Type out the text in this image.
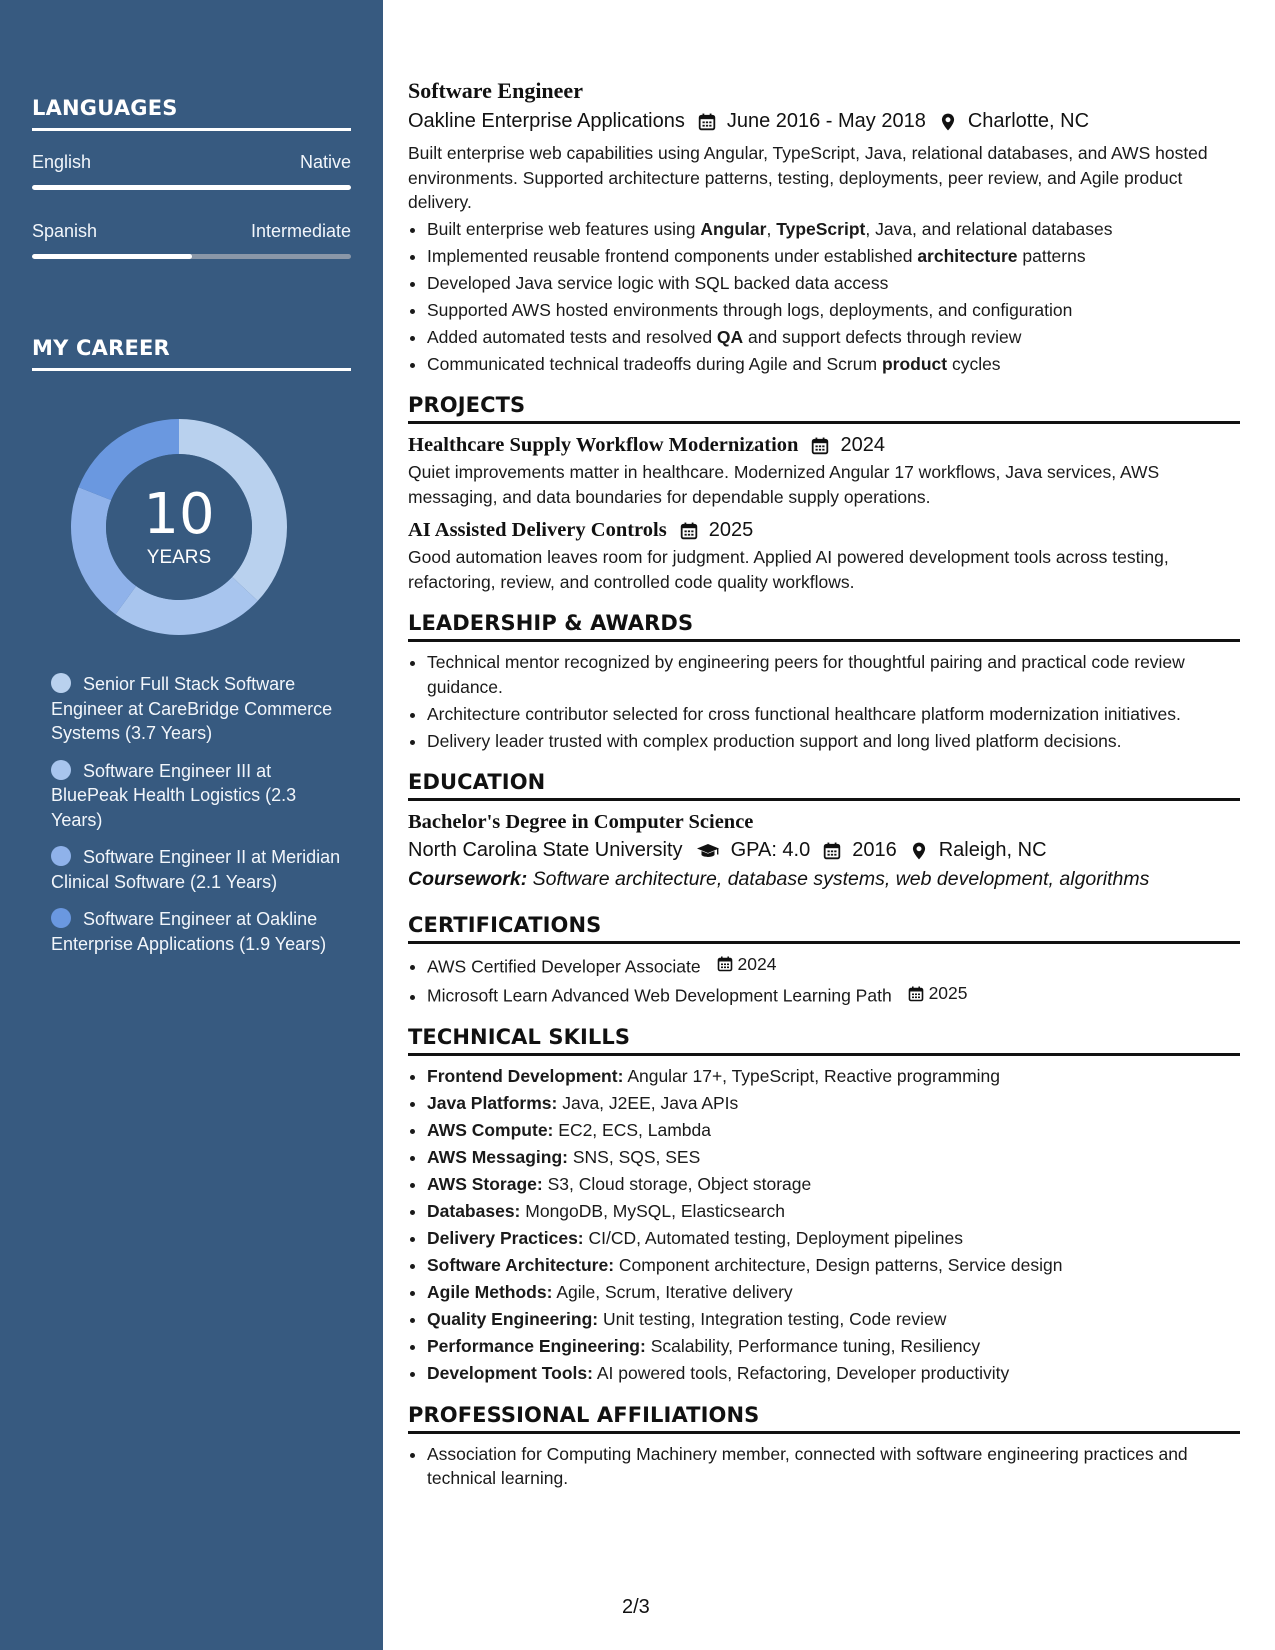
LANGUAGES
English	Native
Spanish	Intermediate
MY CAREER
10
YEARS
Senior Full Stack Software Engineer at CareBridge Commerce Systems (3.7 Years)
Software Engineer III at BluePeak Health Logistics (2.3 Years)
Software Engineer II at Meridian Clinical Software (2.1 Years)
Software Engineer at Oakline Enterprise Applications (1.9 Years)
Software Engineer
Oakline Enterprise Applications June 2016 - May 2018 Charlotte, NC

Built enterprise web capabilities using Angular, TypeScript, Java, relational databases, and AWS hosted environments. Supported architecture patterns, testing, deployments, peer review, and Agile product delivery.

• Built enterprise web features using Angular, TypeScript, Java, and relational databases
• Implemented reusable frontend components under established architecture patterns
• Developed Java service logic with SQL backed data access
• Supported AWS hosted environments through logs, deployments, and configuration
• Added automated tests and resolved QA and support defects through review
• Communicated technical tradeoffs during Agile and Scrum product cycles
PROJECTS
Healthcare Supply Workflow Modernization 2024

Quiet improvements matter in healthcare. Modernized Angular 17 workflows, Java services, AWS messaging, and data boundaries for dependable supply operations.

AI Assisted Delivery Controls 2025

Good automation leaves room for judgment. Applied AI powered development tools across testing, refactoring, review, and controlled code quality workflows.

LEADERSHIP & AWARDS
• Technical mentor recognized by engineering peers for thoughtful pairing and practical code review guidance.
• Architecture contributor selected for cross functional healthcare platform modernization initiatives.
• Delivery leader trusted with complex production support and long lived platform decisions.
EDUCATION
Bachelor's Degree in Computer Science
North Carolina State University GPA: 4.0 2016 Raleigh, NC
Coursework: Software architecture, database systems, web development, algorithms
CERTIFICATIONS
• AWS Certified Developer Associate 2024
• Microsoft Learn Advanced Web Development Learning Path 2025
TECHNICAL SKILLS
• Frontend Development: Angular 17+, TypeScript, Reactive programming
• Java Platforms: Java, J2EE, Java APIs
• AWS Compute: EC2, ECS, Lambda
• AWS Messaging: SNS, SQS, SES
• AWS Storage: S3, Cloud storage, Object storage
• Databases: MongoDB, MySQL, Elasticsearch
• Delivery Practices: CI/CD, Automated testing, Deployment pipelines
• Software Architecture: Component architecture, Design patterns, Service design
• Agile Methods: Agile, Scrum, Iterative delivery
• Quality Engineering: Unit testing, Integration testing, Code review
• Performance Engineering: Scalability, Performance tuning, Resiliency
• Development Tools: AI powered tools, Refactoring, Developer productivity
PROFESSIONAL AFFILIATIONS
• Association for Computing Machinery member, connected with software engineering practices and technical learning.
2/3
